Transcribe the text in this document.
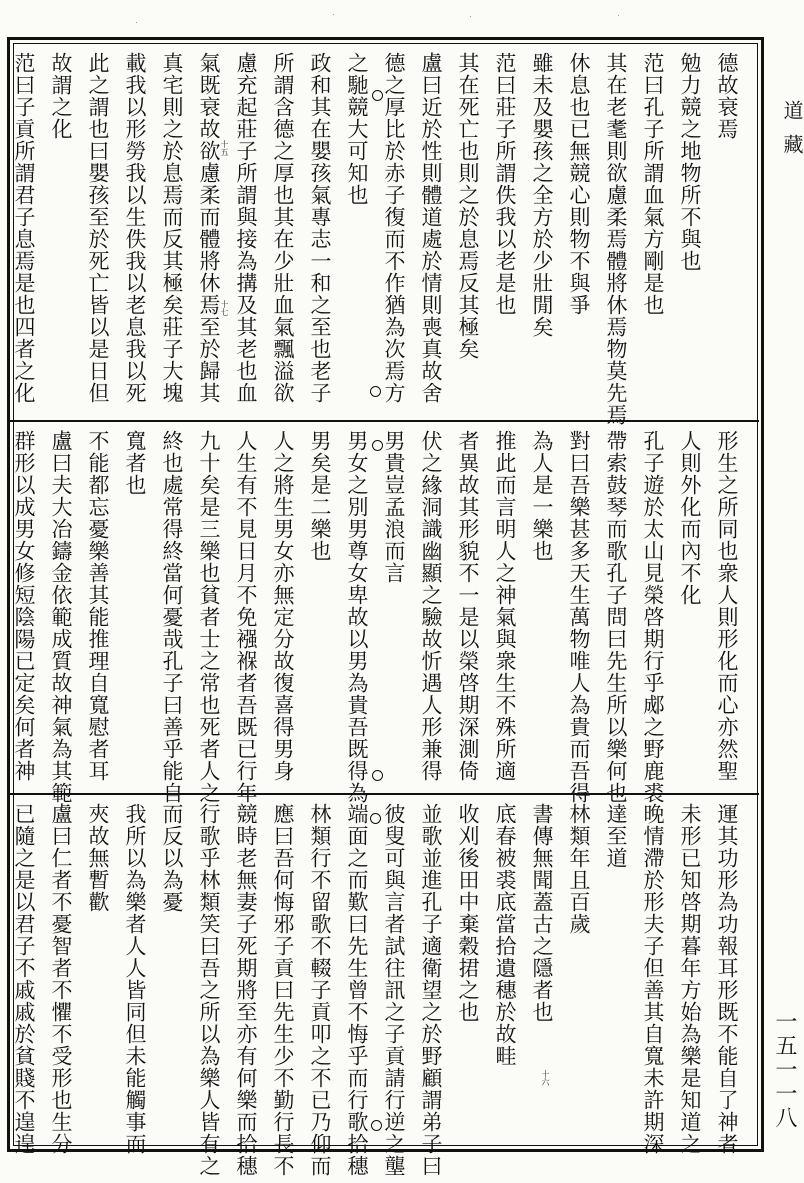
德故衰焉
勉力競之地物所不與也
范曰孔子所謂血氣方剛是也
其在老耄則欲慮柔焉體將休焉物莫先焉
休息也已無競心則物不與爭
雖未及嬰孩之全方於少壯閒矣
范曰莊子所謂佚我以老是也
其在死亡也則之於息焉反其極矣
盧曰近於性則體道處於情則喪真故舍
德之厚比於赤子復而不作猶為次焉方
之馳競大可知也
政和其在嬰孩氣專志一和之至也老子
所謂含德之厚也其在少壯血氣飄溢欲
慮充起莊子所謂與接為搆及其老也血
氣既衰故欲慮柔而體將休焉至於歸其
真宅則之於息焉而反其極矣莊子大塊
載我以形勞我以生佚我以老息我以死
此之謂也曰嬰孩至於死亡皆以是日但
故謂之化
范曰子貢所謂君子息焉是也四者之化
形生之所同也衆人則形化而心亦然聖
人則外化而內不化
孔子遊於太山見榮啓期行乎郕之野鹿裘
帶索鼓琴而歌孔子問曰先生所以樂何也
對曰吾樂甚多天生萬物唯人為貴而吾得
為人是一樂也
推此而言明人之神氣與衆生不殊所適
者異故其形貌不一是以榮啓期深測倚
伏之緣洞識幽顯之驗故忻遇人形兼得
男貴豈孟浪而言
男女之別男尊女卑故以男為貴吾既得為
男矣是二樂也
人之將生男女亦無定分故復喜得男身
人生有不見日月不免襁褓者吾既已行年
九十矣是三樂也貧者士之常也死者人之
終也處常得終當何憂哉孔子曰善乎能自
寬者也
不能都忘憂樂善其能推理自寬慰者耳
盧曰夫大冶鑄金依範成質故神氣為其範
群形以成男女修短陰陽已定矣何者神
運其功形為功報耳形既不能自了神者
未形已知啓期暮年方始為樂是知道之
晚情滯於形夫子但善其自寬未許期深
達至道
林類年且百歲
書傳無聞蓋古之隱者也
底春被裘底當拾遺穗於故畦
收刈後田中棄穀捃之也
並歌並進孔子適衛望之於野顧謂弟子曰
彼叟可與言者試往訊之子貢請行逆之壟
端面之而歎曰先生曾不悔乎而行歌拾穗
林類行不留歌不輟子貢叩之不已乃仰而
應曰吾何悔邪子貢曰先生少不勤行長不
競時老無妻子死期將至亦有何樂而拾穗
行歌乎林類笑曰吾之所以為樂人皆有之
而反以為憂
我所以為樂者人人皆同但未能觸事而
夾故無暫歡
盧曰仁者不憂智者不懼不受形也生分
已隨之是以君子不戚戚於貧賤不遑遑
十五
十六
十七
道藏
一五一一八
